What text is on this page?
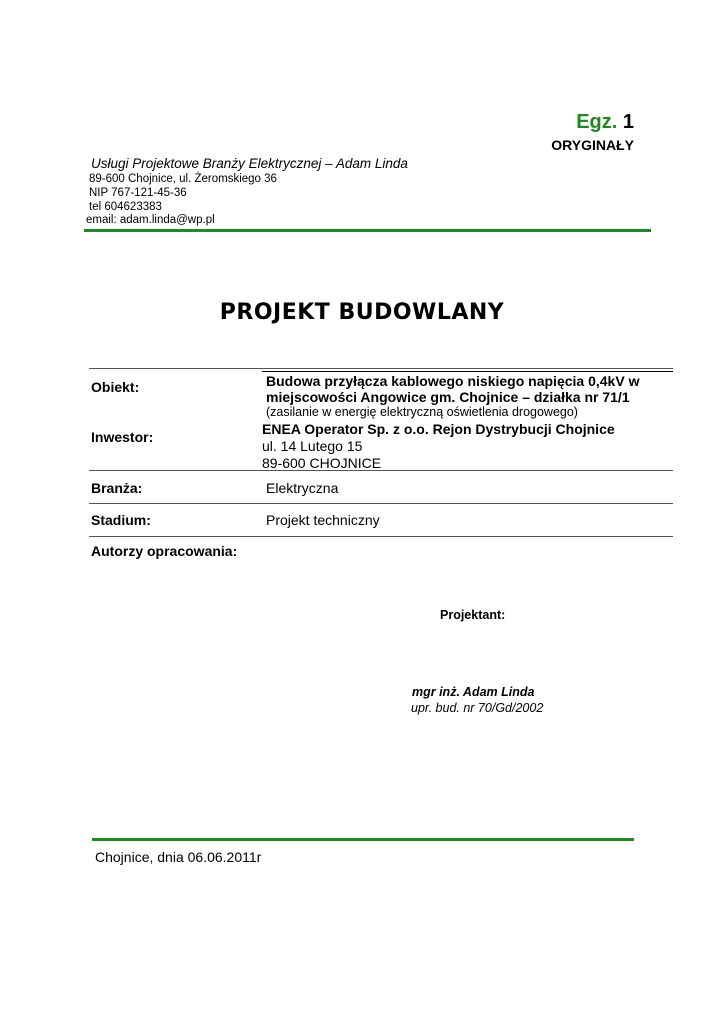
Egz. 1
ORYGINAŁY
Usługi Projektowe Branży Elektrycznej – Adam Linda
89-600 Chojnice, ul. Żeromskiego 36
NIP 767-121-45-36
tel 604623383
email: adam.linda@wp.pl
PROJEKT BUDOWLANY
Obiekt:	Budowa przyłącza kablowego niskiego napięcia 0,4kV w
miejscowości Angowice gm. Chojnice – działka nr 71/1
(zasilanie w energię elektryczną oświetlenia drogowego)
Inwestor:	ENEA Operator Sp. z o.o. Rejon Dystrybucji Chojnice
ul. 14 Lutego 15
89-600 CHOJNICE
Branża:	Elektryczna
Stadium:	Projekt techniczny
Autorzy opracowania:
Projektant:
mgr inż. Adam Linda
upr. bud. nr 70/Gd/2002
Chojnice, dnia 06.06.2011r
